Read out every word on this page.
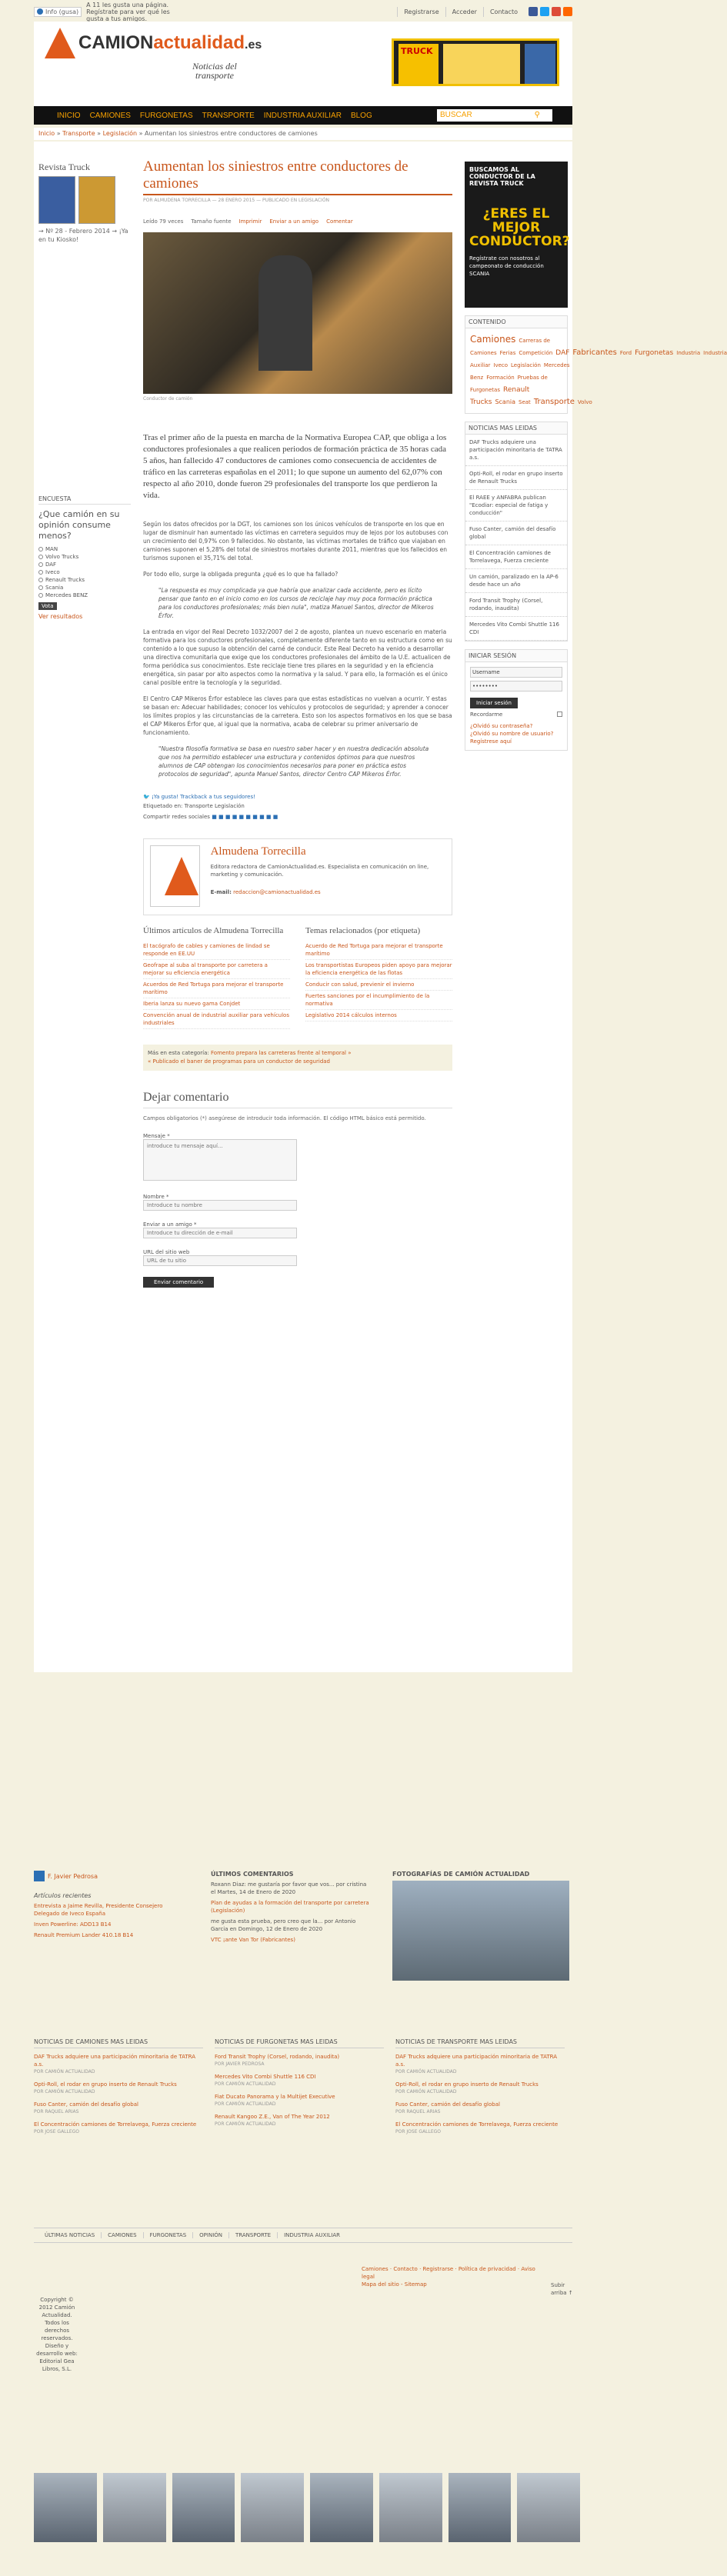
Info (gusa)
A 11 les gusta una página. Regístrate para ver qué les gusta a tus amigos.
Registrarse	Acceder	Contacto
CAMIONactualidad.es
Noticias del transporte
TRUCK
INICIO CAMIONES FURGONETAS TRANSPORTE INDUSTRIA AUXILIAR BLOG	BUSCAR	⚲
Inicio » Transporte » Legislación » Aumentan los siniestros entre conductores de camiones
Revista Truck
→ Nº 28 - Febrero 2014 → ¡Ya en tu Kiosko!
ENCUESTA
¿Que camión en su opinión consume menos?
MAN
Volvo Trucks
DAF
Iveco
Renault Trucks
Scania
Mercedes BENZ
Vota
Ver resultados
Aumentan los siniestros entre conductores de camiones
POR ALMUDENA TORRECILLA — 28 ENERO 2015 — PUBLICADO EN LEGISLACIÓN
Leído 79 veces Tamaño fuente Imprimir Enviar a un amigo Comentar
Conductor de camión
Tras el primer año de la puesta en marcha de la Normativa Europea CAP, que obliga a los conductores profesionales a que realicen periodos de formación práctica de 35 horas cada 5 años, han fallecido 47 conductores de camiones como consecuencia de accidentes de tráfico en las carreteras españolas en el 2011; lo que supone un aumento del 62,07% con respecto al año 2010, donde fueron 29 profesionales del transporte los que perdieron la vida.

Según los datos ofrecidos por la DGT, los camiones son los únicos vehículos de transporte en los que en lugar de disminuir han aumentado las víctimas en carretera seguidos muy de lejos por los autobuses con un crecimiento del 0,97% con 9 fallecidos. No obstante, las víctimas mortales de tráfico que viajaban en camiones suponen el 5,28% del total de siniestros mortales durante 2011, mientras que los fallecidos en turismos suponen el 35,71% del total.

Por todo ello, surge la obligada pregunta ¿qué es lo que ha fallado?

"La respuesta es muy complicada ya que habría que analizar cada accidente, pero es lícito pensar que tanto en el inicio como en los cursos de reciclaje hay muy poca formación práctica para los conductores profesionales; más bien nula", matiza Manuel Santos, director de Mikeros Érfor.

La entrada en vigor del Real Decreto 1032/2007 del 2 de agosto, plantea un nuevo escenario en materia formativa para los conductores profesionales, completamente diferente tanto en su estructura como en su contenido a lo que supuso la obtención del carné de conducir. Este Real Decreto ha venido a desarrollar una directiva comunitaria que exige que los conductores profesionales del ámbito de la U.E. actualicen de forma periódica sus conocimientos. Este reciclaje tiene tres pilares en la seguridad y en la eficiencia energética, sin pasar por alto aspectos como la normativa y la salud. Y para ello, la formación es el único canal posible entre la tecnología y la seguridad.

El Centro CAP Mikeros Érfor establece las claves para que estas estadísticas no vuelvan a ocurrir. Y estas se basan en: Adecuar habilidades; conocer los vehículos y protocolos de seguridad; y aprender a conocer los límites propios y las circunstancias de la carretera. Esto son los aspectos formativos en los que se basa el CAP Mikeros Érfor que, al igual que la normativa, acaba de celebrar su primer aniversario de funcionamiento.

"Nuestra filosofía formativa se basa en nuestro saber hacer y en nuestra dedicación absoluta que nos ha permitido establecer una estructura y contenidos óptimos para que nuestros alumnos de CAP obtengan los conocimientos necesarios para poner en práctica estos protocolos de seguridad", apunta Manuel Santos, director Centro CAP Mikeros Érfor.
🐦 ¡Ya gusta! Trackback a tus seguidores!
Etiquetado en: Transporte Legislación
Compartir redes sociales ■ ■ ■ ■ ■ ■ ■ ■ ■ ■
Almudena Torrecilla

Editora redactora de CamionActualidad.es. Especialista en comunicación on line, marketing y comunicación.

E-mail: redaccion@camionactualidad.es
Últimos artículos de Almudena Torrecilla

El tacógrafo de cables y camiones de lindad se responde en EE.UU

Geofrape al suba al transporte por carretera a mejorar su eficiencia energética

Acuerdos de Red Tortuga para mejorar el transporte marítimo

Iberia lanza su nuevo gama Conjdet

Convención anual de industrial auxiliar para vehículos industriales

Temas relacionados (por etiqueta)

Acuerdo de Red Tortuga para mejorar el transporte marítimo

Los transportistas Europeos piden apoyo para mejorar la eficiencia energética de las flotas

Conducir con salud, previenir el invierno

Fuertes sanciones por el incumplimiento de la normativa

Legislativo 2014 cálculos internos

Más en esta categoría: Fomento prepara las carreteras frente al temporal »
« Publicado el baner de programas para un conductor de seguridad
Dejar comentario
Campos obligatorios (*) asegúrese de introducir toda información. El código HTML básico está permitido.
Mensaje *
introduce tu mensaje aquí...
Nombre *
Introduce tu nombre
Enviar a un amigo *
Introduce tu dirección de e-mail
URL del sitio web
URL de tu sitio
Enviar comentario
BUSCAMOS AL CONDUCTOR DE LA REVISTA TRUCK
¿ERES EL MEJOR CONDUCTOR?
Regístrate con nosotros al campeonato de conducción SCANIA
CONTENIDO
Camiones Carreras de Camiones Ferias Competición DAF Fabricantes Ford Furgonetas Industria Industria Auxiliar Iveco Legislación Mercedes Benz Formación Pruebas de Furgonetas Renault Trucks Scania Seat Transporte Volvo
NOTICIAS MAS LEIDAS

DAF Trucks adquiere una participación minoritaria de TATRA a.s.

Opti-Roll, el rodar en grupo inserto de Renault Trucks

El RAEE y ANFABRA publican "Ecodiar: especial de fatiga y conducción"

Fuso Canter, camión del desafío global

El Concentración camiones de Torrelavega, Fuerza creciente

Un camión, paralizado en la AP-6 desde hace un año

Ford Transit Trophy (Corsel, rodando, inaudita)

Mercedes Vito Combi Shuttle 116 CDI

INICIAR SESIÓN
Username
••••••••
Iniciar sesión
Recordarme

¿Olvidó su contraseña?

¿Olvidó su nombre de usuario?

Regístrese aquí

F. Javier Pedrosa
Artículos recientes

Entrevista a Jaime Revilla, Presidente Consejero Delegado de Iveco España

Inven Powerline: ADD13 B14

Renault Premium Lander 410.18 B14

ÚLTIMOS COMENTARIOS

Roxann Diaz: me gustaría por favor que vos... por cristina el Martes, 14 de Enero de 2020

Plan de ayudas a la formación del transporte por carretera (Legislación)

me gusta esta prueba, pero creo que la... por Antonio Garcia en Domingo, 12 de Enero de 2020

VTC ¡ante Van Tor (Fabricantes)

FOTOGRAFÍAS DE CAMIÓN ACTUALIDAD
NOTICIAS DE CAMIONES MAS LEIDAS

DAF Trucks adquiere una participación minoritaria de TATRA a.s.
POR CAMIÓN ACTUALIDAD

Opti-Roll, el rodar en grupo inserto de Renault Trucks
POR CAMIÓN ACTUALIDAD

Fuso Canter, camión del desafío global
POR RAQUEL ARIAS

El Concentración camiones de Torrelavega, Fuerza creciente
POR JOSE GALLEGO

NOTICIAS DE FURGONETAS MAS LEIDAS

Ford Transit Trophy (Corsel, rodando, inaudita)
POR JAVIER PEDROSA

Mercedes Vito Combi Shuttle 116 CDI
POR CAMIÓN ACTUALIDAD

Fiat Ducato Panorama y la Multijet Executive
POR CAMIÓN ACTUALIDAD

Renault Kangoo Z.E., Van of The Year 2012
POR CAMIÓN ACTUALIDAD

NOTICIAS DE TRANSPORTE MAS LEIDAS

DAF Trucks adquiere una participación minoritaria de TATRA a.s.
POR CAMIÓN ACTUALIDAD

Opti-Roll, el rodar en grupo inserto de Renault Trucks
POR CAMIÓN ACTUALIDAD

Fuso Canter, camión del desafío global
POR RAQUEL ARIAS

El Concentración camiones de Torrelavega, Fuerza creciente
POR JOSE GALLEGO

ÚLTIMAS NOTICIAS	CAMIONES	FURGONETAS	OPINIÓN	TRANSPORTE	INDUSTRIA AUXILIAR
Camiones · Contacto · Registrarse · Política de privacidad · Aviso legal
Mapa del sitio - Sitemap	Subir arriba ↑
Copyright © 2012 Camión Actualidad. Todos los derechos reservados. Diseño y desarrollo web: Editorial Gea Libros, S.L.
